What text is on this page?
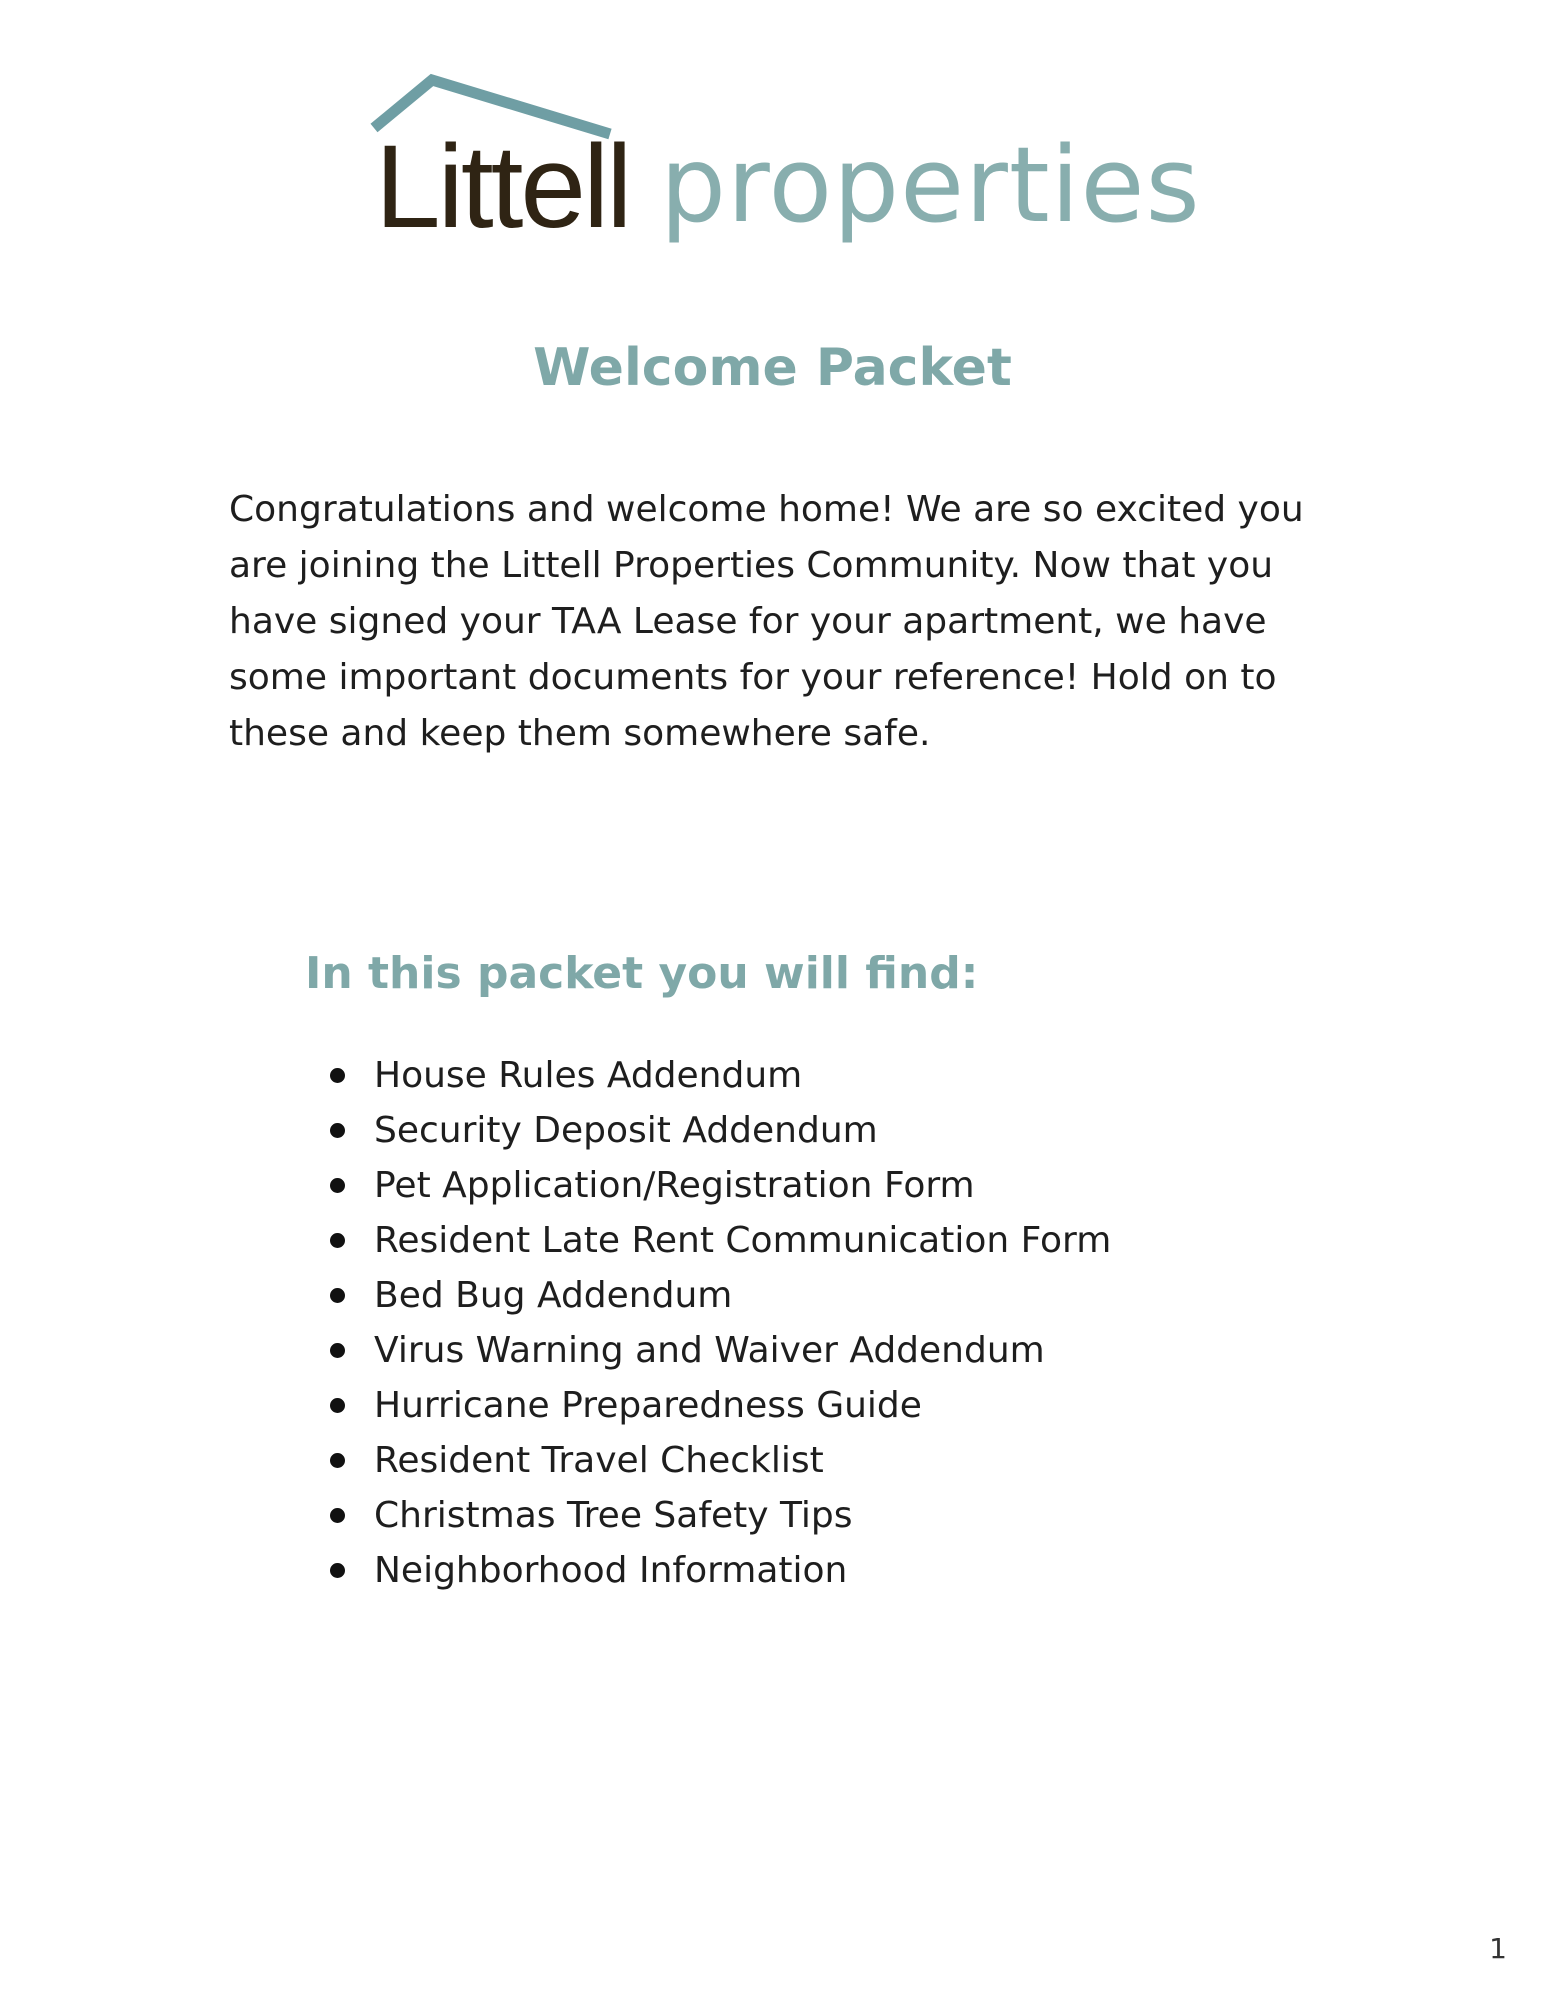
Littell properties
Welcome Packet

Congratulations and welcome home! We are so excited you are joining the Littell Properties Community. Now that you have signed your TAA Lease for your apartment, we have some important documents for your reference! Hold on to these and keep them somewhere safe.

In this packet you will find:
House Rules Addendum
Security Deposit Addendum
Pet Application/Registration Form
Resident Late Rent Communication Form
Bed Bug Addendum
Virus Warning and Waiver Addendum
Hurricane Preparedness Guide
Resident Travel Checklist
Christmas Tree Safety Tips
Neighborhood Information
1
